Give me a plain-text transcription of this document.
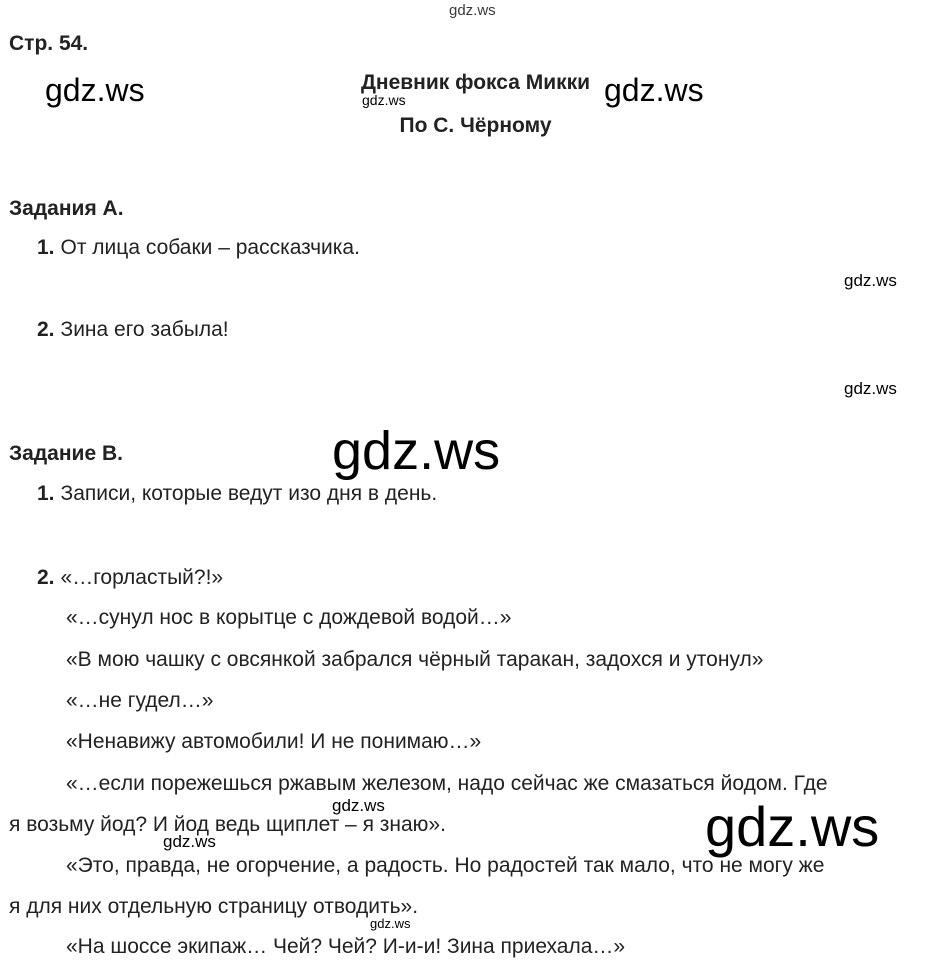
gdz.ws
Стр. 54.
gdz.ws	Дневник фокса Микки gdz.ws
gdz.ws
По С. Чёрному
Задания А.
1. От лица собаки – рассказчика.
gdz.ws
2. Зина его забыла!
gdz.ws
gdz.ws
Задание В.
1. Записи, которые ведут изо дня в день.
2. «…горластый?!»
«…сунул нос в корытце с дождевой водой…»
«В мою чашку с овсянкой забрался чёрный таракан, задохся и утонул»
«…не гудел…»
«Ненавижу автомобили! И не понимаю…»
«…если порежешься ржавым железом, надо сейчас же смазаться йодом. Где
gdz.ws
я возьму йод? И йод ведь щиплет – я знаю».	gdz.ws
gdz.ws
«Это, правда, не огорчение, а радость. Но радостей так мало, что не могу же
я для них отдельную страницу отводить».
gdz.ws
«На шоссе экипаж… Чей? Чей? И-и-и! Зина приехала…»
